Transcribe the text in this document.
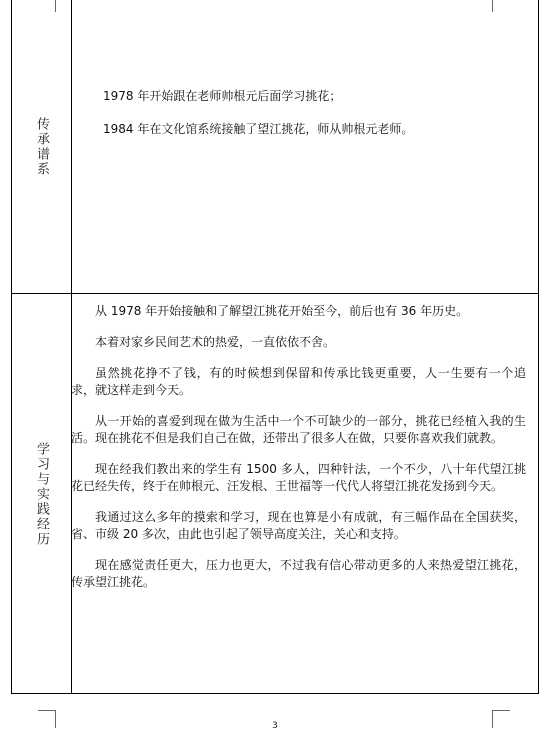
传承谱系
学习与实践经历

1978 年开始跟在老师帅根元后面学习挑花；

1984 年在文化馆系统接触了望江挑花，师从帅根元老师。

从 1978 年开始接触和了解望江挑花开始至今，前后也有 36 年历史。

本着对家乡民间艺术的热爱，一直依依不舍。

虽然挑花挣不了钱，有的时候想到保留和传承比钱更重要，人一生要有一个追求，就这样走到今天。

从一开始的喜爱到现在做为生活中一个不可缺少的一部分，挑花已经植入我的生活。现在挑花不但是我们自己在做，还带出了很多人在做，只要你喜欢我们就教。

现在经我们教出来的学生有 1500 多人，四种针法，一个不少，八十年代望江挑花已经失传，终于在帅根元、汪发根、王世福等一代代人将望江挑花发扬到今天。

我通过这么多年的摸索和学习，现在也算是小有成就，有三幅作品在全国获奖，省、市级 20 多次，由此也引起了领导高度关注，关心和支持。

现在感觉责任更大，压力也更大，不过我有信心带动更多的人来热爱望江挑花，传承望江挑花。

3
